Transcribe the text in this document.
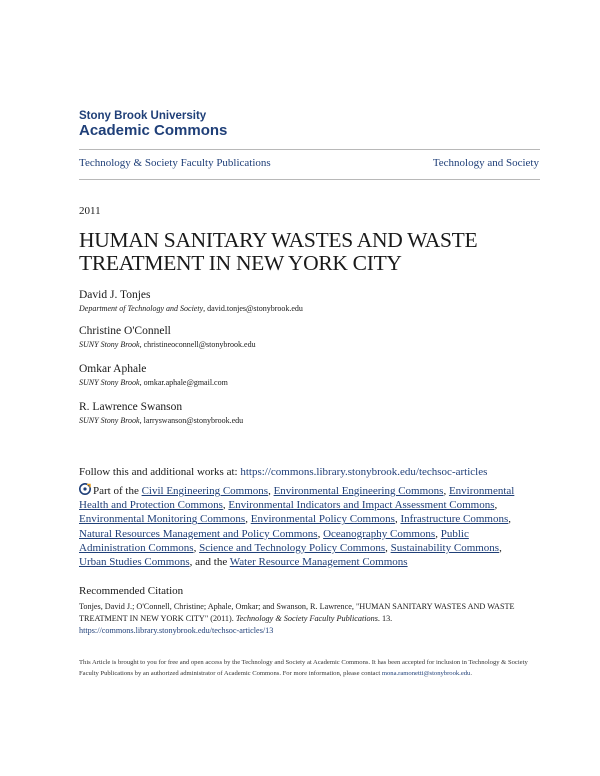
Stony Brook University
Academic Commons
Technology & Society Faculty Publications	Technology and Society
2011
HUMAN SANITARY WASTES AND WASTE TREATMENT IN NEW YORK CITY
David J. Tonjes
Department of Technology and Society, david.tonjes@stonybrook.edu
Christine O'Connell
SUNY Stony Brook, christineoconnell@stonybrook.edu
Omkar Aphale
SUNY Stony Brook, omkar.aphale@gmail.com
R. Lawrence Swanson
SUNY Stony Brook, larryswanson@stonybrook.edu
Follow this and additional works at: https://commons.library.stonybrook.edu/techsoc-articles
Part of the Civil Engineering Commons, Environmental Engineering Commons, Environmental Health and Protection Commons, Environmental Indicators and Impact Assessment Commons, Environmental Monitoring Commons, Environmental Policy Commons, Infrastructure Commons, Natural Resources Management and Policy Commons, Oceanography Commons, Public Administration Commons, Science and Technology Policy Commons, Sustainability Commons, Urban Studies Commons, and the Water Resource Management Commons
Recommended Citation
Tonjes, David J.; O'Connell, Christine; Aphale, Omkar; and Swanson, R. Lawrence, "HUMAN SANITARY WASTES AND WASTE TREATMENT IN NEW YORK CITY" (2011). Technology & Society Faculty Publications. 13.
https://commons.library.stonybrook.edu/techsoc-articles/13
This Article is brought to you for free and open access by the Technology and Society at Academic Commons. It has been accepted for inclusion in Technology & Society Faculty Publications by an authorized administrator of Academic Commons. For more information, please contact mona.ramonetti@stonybrook.edu.
